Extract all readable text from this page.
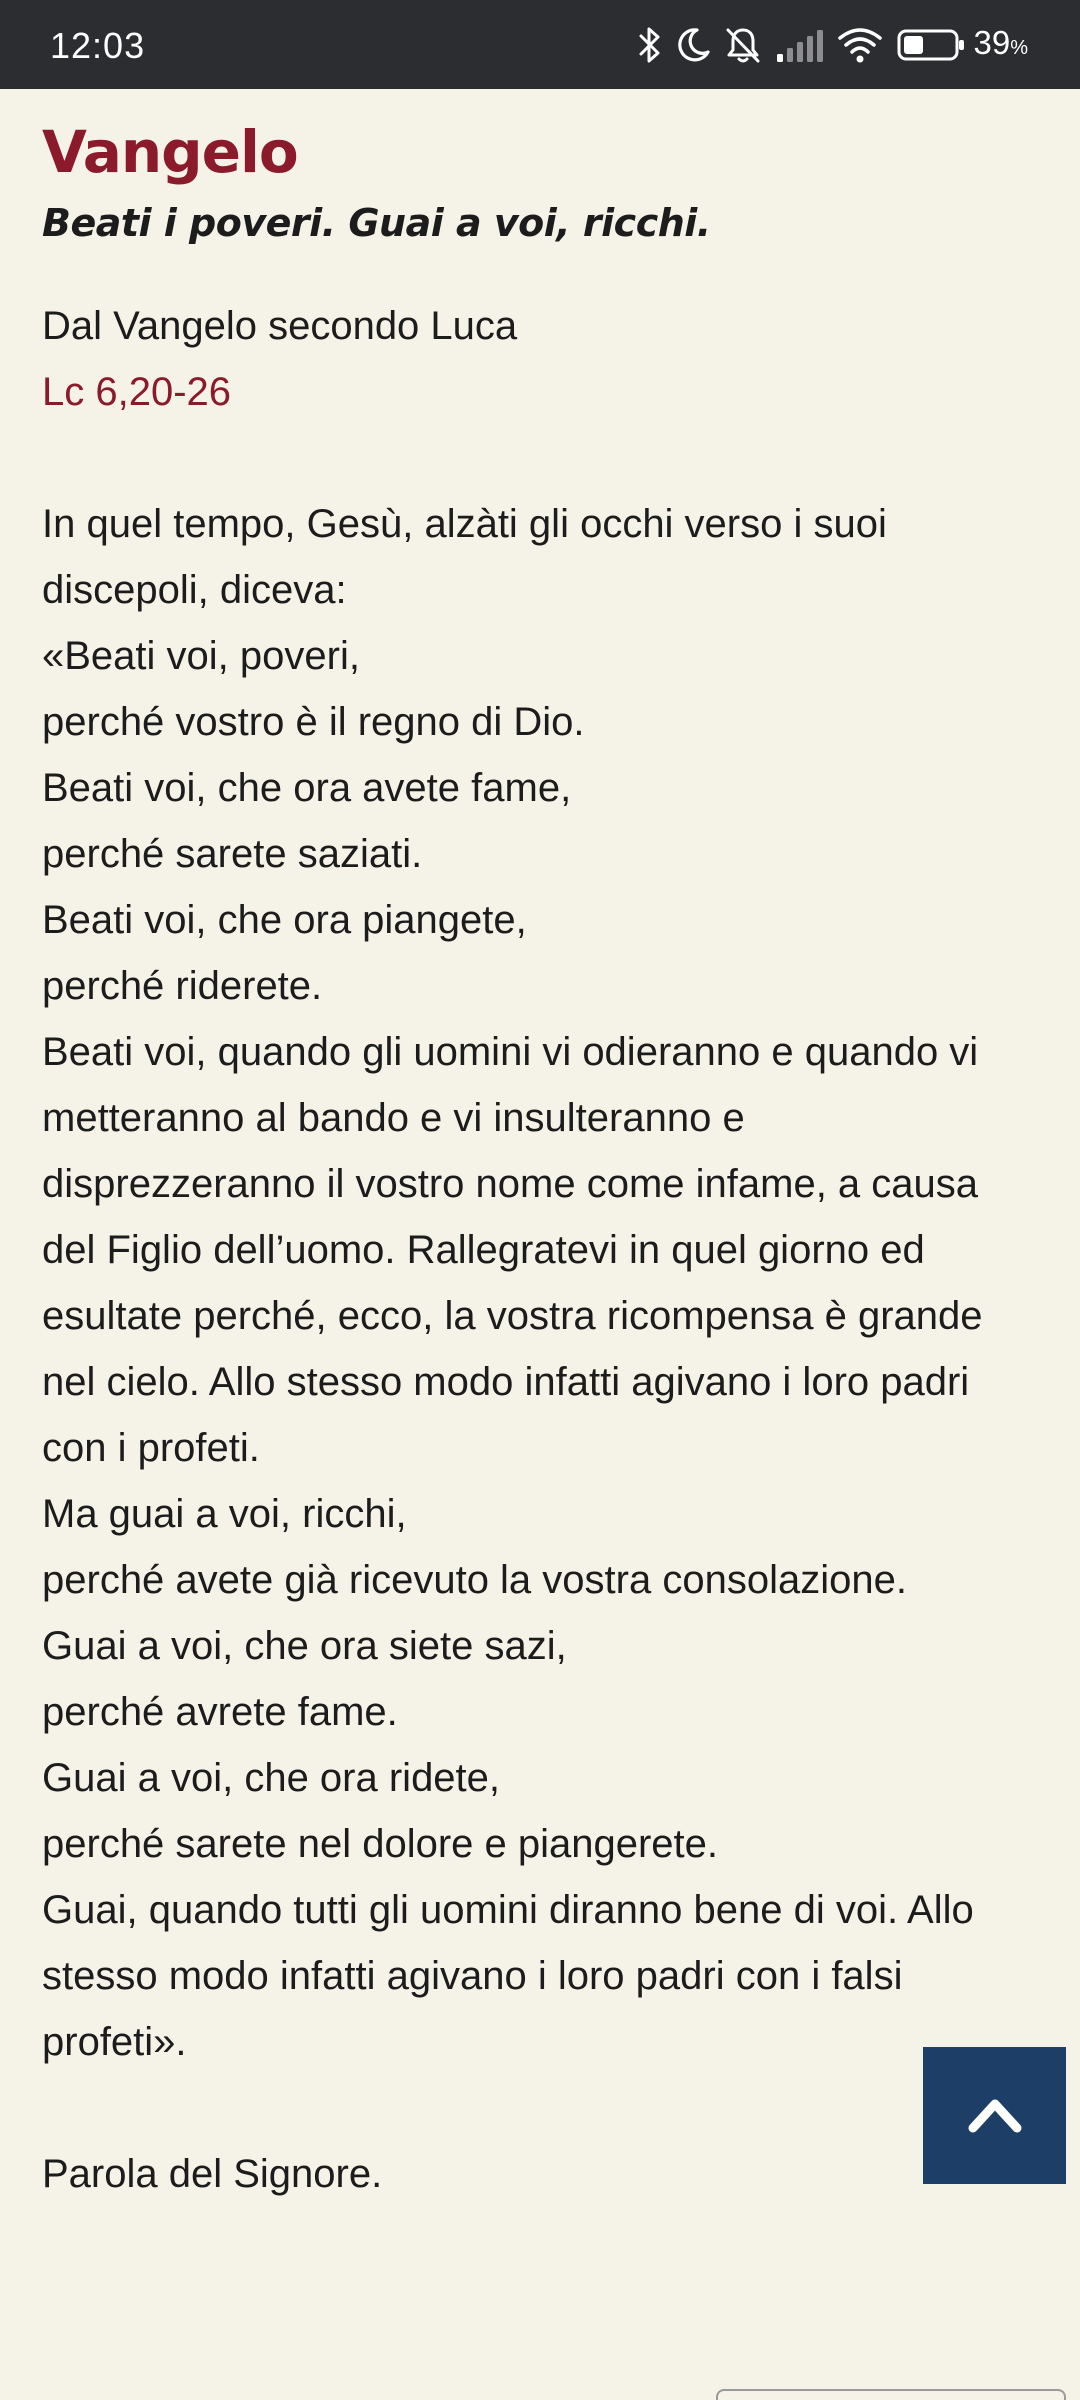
12:03	39%
Vangelo
Beati i poveri. Guai a voi, ricchi.
Dal Vangelo secondo Luca
Lc 6,20-26
In quel tempo, Gesù, alzàti gli occhi verso i suoi
discepoli, diceva:
«Beati voi, poveri,
perché vostro è il regno di Dio.
Beati voi, che ora avete fame,
perché sarete saziati.
Beati voi, che ora piangete,
perché riderete.
Beati voi, quando gli uomini vi odieranno e quando vi
metteranno al bando e vi insulteranno e
disprezzeranno il vostro nome come infame, a causa
del Figlio dell’uomo. Rallegratevi in quel giorno ed
esultate perché, ecco, la vostra ricompensa è grande
nel cielo. Allo stesso modo infatti agivano i loro padri
con i profeti.
Ma guai a voi, ricchi,
perché avete già ricevuto la vostra consolazione.
Guai a voi, che ora siete sazi,
perché avrete fame.
Guai a voi, che ora ridete,
perché sarete nel dolore e piangerete.
Guai, quando tutti gli uomini diranno bene di voi. Allo
stesso modo infatti agivano i loro padri con i falsi
profeti».
Parola del Signore.
